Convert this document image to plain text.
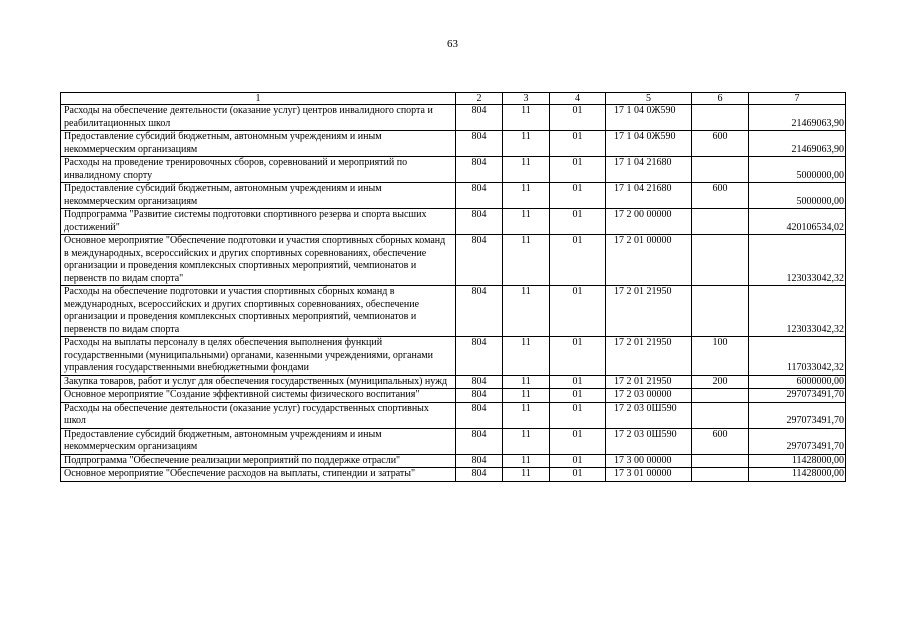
63
1	2	3	4	5	6	7
Расходы на обеспечение деятельности (оказание услуг) центров инвалидного спорта и реабилитационных школ	804	11	01	17 1 04 0Ж590		21469063,90
Предоставление субсидий бюджетным, автономным учреждениям и иным некоммерческим организациям	804	11	01	17 1 04 0Ж590	600	21469063,90
Расходы на проведение тренировочных сборов, соревнований и мероприятий по инвалидному спорту	804	11	01	17 1 04 21680		5000000,00
Предоставление субсидий бюджетным, автономным учреждениям и иным некоммерческим организациям	804	11	01	17 1 04 21680	600	5000000,00
Подпрограмма "Развитие системы подготовки спортивного резерва и спорта высших достижений"	804	11	01	17 2 00 00000		420106534,02
Основное мероприятие "Обеспечение подготовки и участия спортивных сборных команд в международных, всероссийских и других спортивных соревнованиях, обеспечение организации и проведения комплексных спортивных мероприятий, чемпионатов и первенств по видам спорта"	804	11	01	17 2 01 00000		123033042,32
Расходы на обеспечение подготовки и участия спортивных сборных команд в международных, всероссийских и других спортивных соревнованиях, обеспечение организации и проведения комплексных спортивных мероприятий, чемпионатов и первенств по видам спорта	804	11	01	17 2 01 21950		123033042,32
Расходы на выплаты персоналу в целях обеспечения выполнения функций государственными (муниципальными) органами, казенными учреждениями, органами управления государственными внебюджетными фондами	804	11	01	17 2 01 21950	100	117033042,32
Закупка товаров, работ и услуг для обеспечения государственных (муниципальных) нужд	804	11	01	17 2 01 21950	200	6000000,00
Основное мероприятие "Создание эффективной системы физического воспитания"	804	11	01	17 2 03 00000		297073491,70
Расходы на обеспечение деятельности (оказание услуг) государственных спортивных школ	804	11	01	17 2 03 0Ш590		297073491,70
Предоставление субсидий бюджетным, автономным учреждениям и иным некоммерческим организациям	804	11	01	17 2 03 0Ш590	600	297073491,70
Подпрограмма "Обеспечение реализации мероприятий по поддержке отрасли"	804	11	01	17 3 00 00000		11428000,00
Основное мероприятие "Обеспечение расходов на выплаты, стипендии и затраты"	804	11	01	17 3 01 00000		11428000,00
